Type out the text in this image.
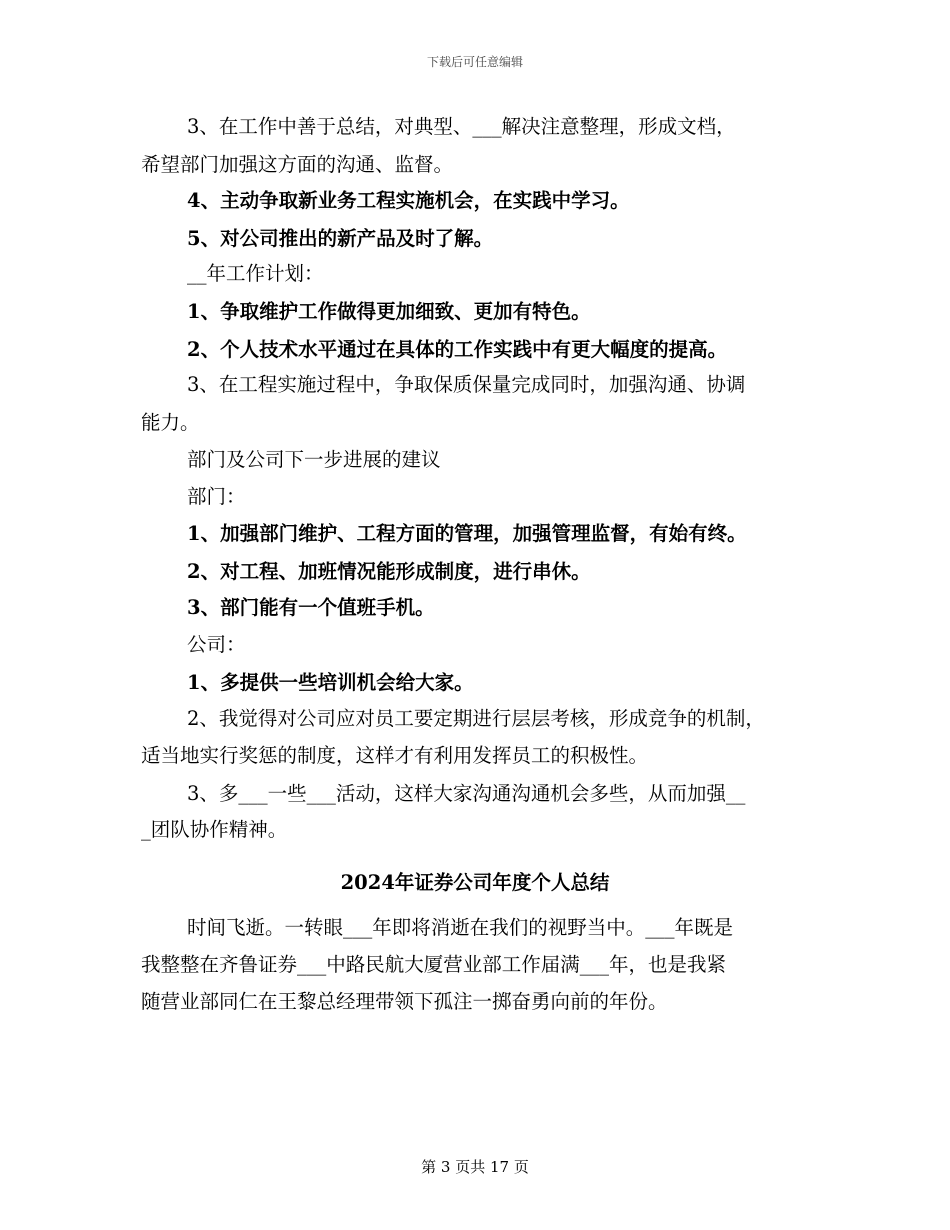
下载后可任意编辑
3、在工作中善于总结，对典型、___解决注意整理，形成文档，
希望部门加强这方面的沟通、监督。
4、主动争取新业务工程实施机会，在实践中学习。
5、对公司推出的新产品及时了解。
__年工作计划：
1、争取维护工作做得更加细致、更加有特色。
2、个人技术水平通过在具体的工作实践中有更大幅度的提高。
3、在工程实施过程中，争取保质保量完成同时，加强沟通、协调
能力。
部门及公司下一步进展的建议
部门：
1、加强部门维护、工程方面的管理，加强管理监督，有始有终。
2、对工程、加班情况能形成制度，进行串休。
3、部门能有一个值班手机。
公司：
1、多提供一些培训机会给大家。
2、我觉得对公司应对员工要定期进行层层考核，形成竞争的机制，
适当地实行奖惩的制度，这样才有利用发挥员工的积极性。
3、多___一些___活动，这样大家沟通沟通机会多些，从而加强__
_团队协作精神。
时间飞逝。一转眼___年即将消逝在我们的视野当中。___年既是
我整整在齐鲁证券___中路民航大厦营业部工作届满___年，也是我紧
随营业部同仁在王黎总经理带领下孤注一掷奋勇向前的年份。
2024年证券公司年度个人总结
第 3 页共 17 页
